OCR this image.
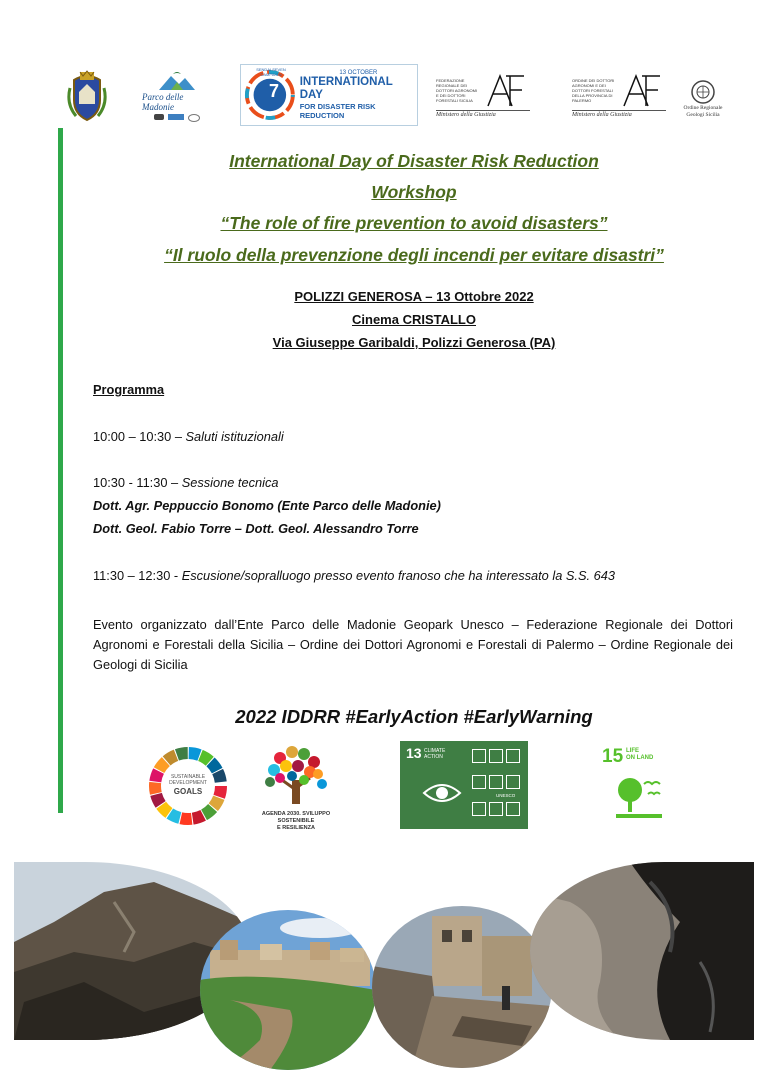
Parco delle Madonie
7
SENDAI SEVEN CAMPAIGN	13 OCTOBER
INTERNATIONAL DAY
FOR DISASTER RISK REDUCTION
FEDERAZIONE REGIONALE DEI DOTTORI AGRONOMI E DEI DOTTORI FORESTALI SICILIA
Ministero della Giustizia
ORDINE DEI DOTTORI AGRONOMI E DEI DOTTORI FORESTALI DELLA PROVINCIA DI PALERMO
Ministero della Giustizia
Ordine Regionale Geologi Sicilia
International Day of Disaster Risk Reduction
Workshop
“The role of fire prevention to avoid disasters”
“Il ruolo della prevenzione degli incendi per evitare disastri”
POLIZZI GENEROSA – 13 Ottobre 2022
Cinema CRISTALLO
Via Giuseppe Garibaldi, Polizzi Generosa (PA)
Programma
10:00 – 10:30 – Saluti istituzionali
10:30 - 11:30 – Sessione tecnica
Dott. Agr. Peppuccio Bonomo (Ente Parco delle Madonie)
Dott. Geol. Fabio Torre – Dott. Geol. Alessandro Torre
11:30 – 12:30 - Escusione/sopralluogo presso evento franoso che ha interessato la S.S. 643
Evento organizzato dall’Ente Parco delle Madonie Geopark Unesco – Federazione Regionale dei Dottori
Agronomi e Forestali della Sicilia – Ordine dei Dottori Agronomi e Forestali di Palermo – Ordine Regionale dei
Geologi di Sicilia
2022 IDDRR #EarlyAction #EarlyWarning
SUSTAINABLE
DEVELOPMENT
GOALS
AGENDA 2030. SVILUPPO SOSTENIBILE
E RESILIENZA
13 CLIMATE
ACTION
UNESCO
15 LIFE
ON LAND
